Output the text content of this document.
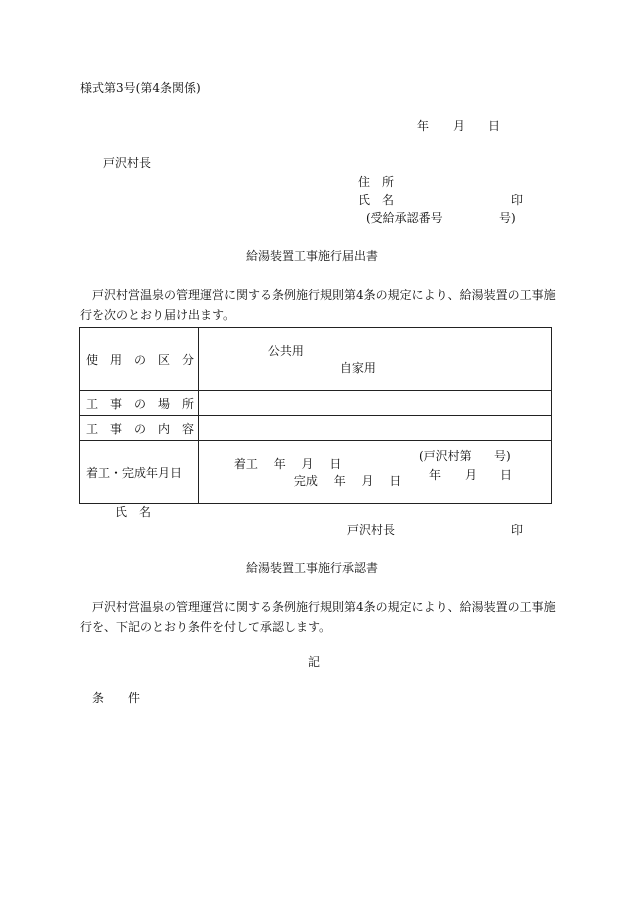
様式第3号(第4条関係)
年 月 日
戸沢村長
住　所
氏　名	印
(受給承認番号	号)
給湯装置工事施行届出書
戸沢村営温泉の管理運営に関する条例施行規則第4条の規定により、給湯装置の工事施
行を次のとおり届け出ます。
使　用　の　区　分	公共用
自家用

工　事　の　場　所	
工　事　の　内　容	
着工・完成年月日	着工　 年　 月　 日
完成　 年　 月　 日

(戸沢村第 号)
年 月 日
氏　名
戸沢村長	印
給湯装置工事施行承認書
戸沢村営温泉の管理運営に関する条例施行規則第4条の規定により、給湯装置の工事施
行を、下記のとおり条件を付して承認します。
記
条　　件
